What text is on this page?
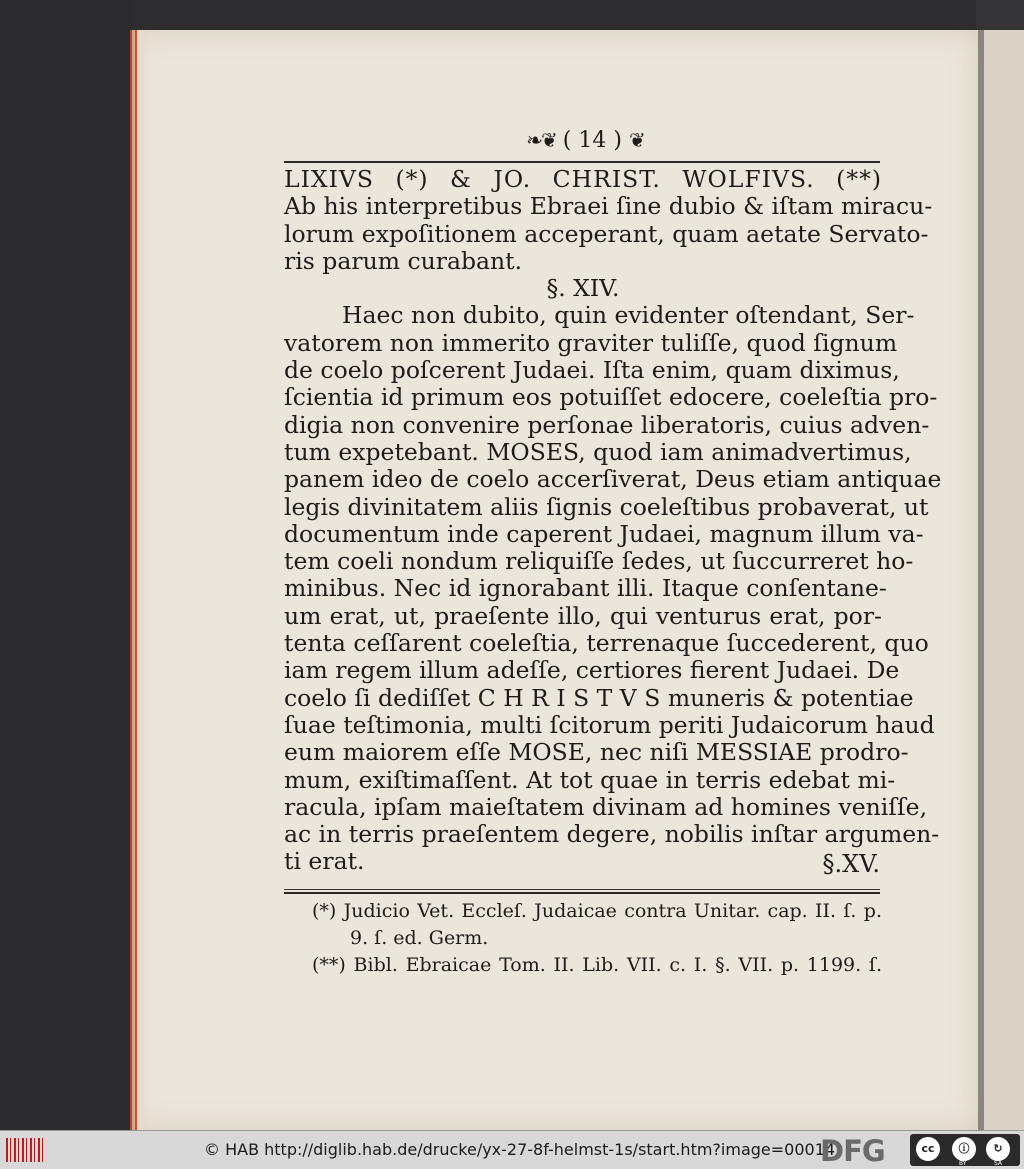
❧❦ ( 14 ) ❦
LIXIVS (*) & JO. CHRIST. WOLFIVS. (**)
Ab his interpretibus Ebraei ſine dubio & iſtam miracu-
lorum expoſitionem acceperant, quam aetate Servato-
ris parum curabant.
§. XIV.
Haec non dubito, quin evidenter oſtendant, Ser-
vatorem non immerito graviter tuliſſe, quod ſignum
de coelo poſcerent Judaei. Iſta enim, quam diximus,
ſcientia id primum eos potuiſſet edocere, coeleſtia pro-
digia non convenire perſonae liberatoris, cuius adven-
tum expetebant. MOSES, quod iam animadvertimus,
panem ideo de coelo accerſiverat, Deus etiam antiquae
legis divinitatem aliis ſignis coeleſtibus probaverat, ut
documentum inde caperent Judaei, magnum illum va-
tem coeli nondum reliquiſſe ſedes, ut ſuccurreret ho-
minibus. Nec id ignorabant illi. Itaque conſentane-
um erat, ut, praeſente illo, qui venturus erat, por-
tenta ceſſarent coeleſtia, terrenaque ſuccederent, quo
iam regem illum adeſſe, certiores fierent Judaei. De
coelo ſi dediſſet C H R I S T V S muneris & potentiae
ſuae teſtimonia, multi ſcitorum periti Judaicorum haud
eum maiorem eſſe MOSE, nec niſi MESSIAE prodro-
mum, exiſtimaſſent. At tot quae in terris edebat mi-
racula, ipſam maieſtatem divinam ad homines veniſſe,
ac in terris praeſentem degere, nobilis inſtar argumen-
ti erat.	§.XV.
(*) Judicio Vet. Eccleſ. Judaicae contra Unitar. cap. II. ſ. p.
9. ſ. ed. Germ.
(**) Bibl. Ebraicae Tom. II. Lib. VII. c. I. §. VII. p. 1199. ſ.
© HAB http://diglib.hab.de/drucke/yx-27-8f-helmst-1s/start.htm?image=00014
DFG	cc	ⓘ
BY
↻
SA
